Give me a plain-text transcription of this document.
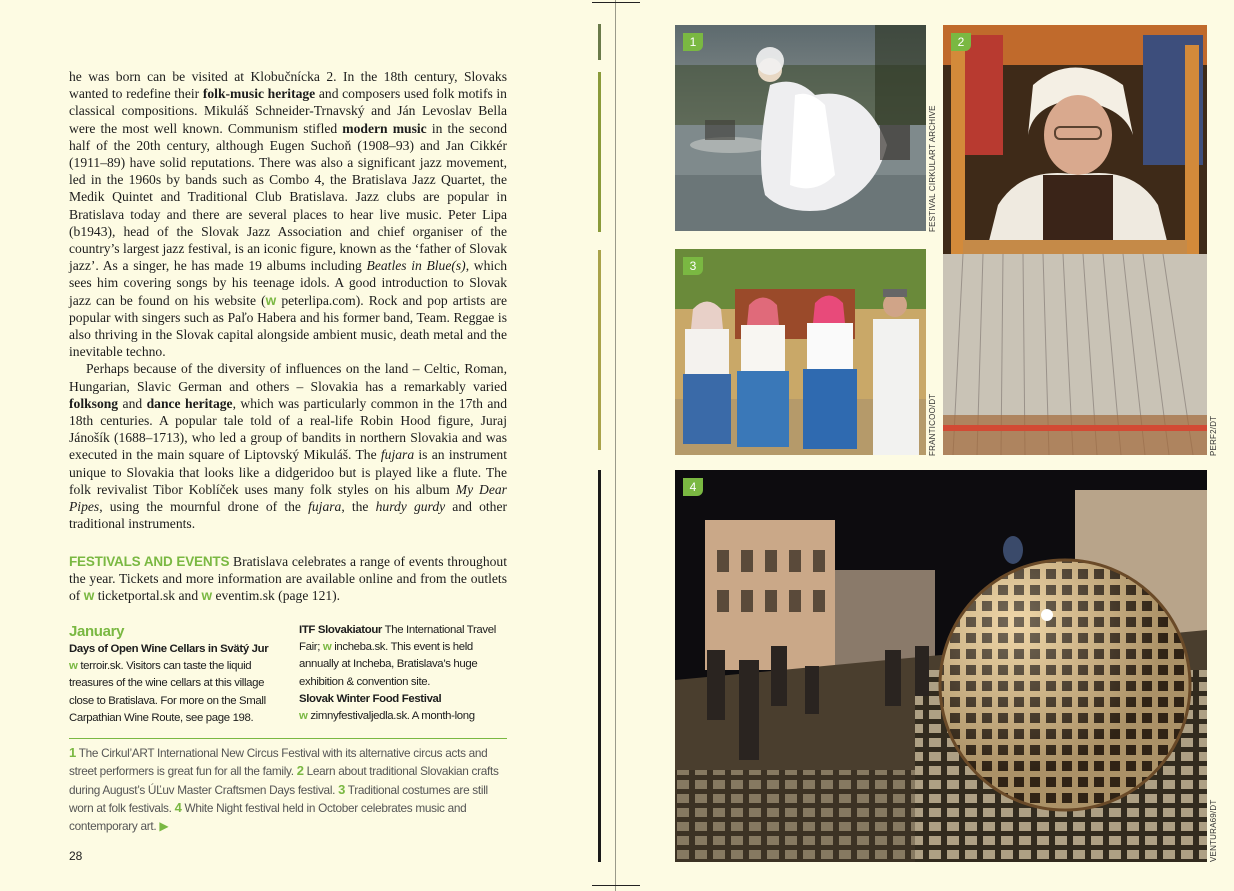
he was born can be visited at Klobučnícka 2. In the 18th century, Slovaks wanted to redefine their folk-music heritage and composers used folk motifs in classical compositions. Mikuláš Schneider-Trnavský and Ján Levoslav Bella were the most well known. Communism stifled modern music in the second half of the 20th century, although Eugen Suchoň (1908–93) and Jan Cikkér (1911–89) have solid reputations. There was also a significant jazz movement, led in the 1960s by bands such as Combo 4, the Bratislava Jazz Quartet, the Medik Quintet and Traditional Club Bratislava. Jazz clubs are popular in Bratislava today and there are several places to hear live music. Peter Lipa (b1943), head of the Slovak Jazz Association and chief organiser of the country’s largest jazz festival, is an iconic figure, known as the ‘father of Slovak jazz’. As a singer, he has made 19 albums including Beatles in Blue(s), which sees him covering songs by his teenage idols. A good introduction to Slovak jazz can be found on his website (w peterlipa.com). Rock and pop artists are popular with singers such as Paľo Habera and his former band, Team. Reggae is also thriving in the Slovak capital alongside ambient music, death metal and the inevitable techno.

Perhaps because of the diversity of influences on the land – Celtic, Roman, Hungarian, Slavic German and others – Slovakia has a remarkably varied folksong and dance heritage, which was particularly common in the 17th and 18th centuries. A popular tale told of a real-life Robin Hood figure, Juraj Jánošík (1688–1713), who led a group of bandits in northern Slovakia and was executed in the main square of Liptovský Mikuláš. The fujara is an instrument unique to Slovakia that looks like a didgeridoo but is played like a flute. The folk revivalist Tibor Koblíček uses many folk styles on his album My Dear Pipes, using the mournful drone of the fujara, the hurdy gurdy and other traditional instruments.

FESTIVALS AND EVENTS Bratislava celebrates a range of events throughout the year. Tickets and more information are available online and from the outlets of w ticketportal.sk and w eventim.sk (page 121).
January
Days of Open Wine Cellars in Svätý Jur
w terroir.sk. Visitors can taste the liquid treasures of the wine cellars at this village close to Bratislava. For more on the Small Carpathian Wine Route, see page 198.
ITF Slovakiatour The International Travel Fair; w incheba.sk. This event is held annually at Incheba, Bratislava’s huge exhibition & convention site.
Slovak Winter Food Festival
w zimnyfestivaljedla.sk. A month-long
1 The Cirkul’ART International New Circus Festival with its alternative circus acts and street performers is great fun for all the family. 2 Learn about traditional Slovakian crafts during August’s ÚĽuv Master Craftsmen Days festival. 3 Traditional costumes are still worn at folk festivals. 4 White Night festival held in October celebrates music and contemporary art. ▶
28
1
FESTIVAL CIRKULART ARCHIVE
2
PERF2/DT
3
FRANTICOO/DT
4
VENTURA69/DT
